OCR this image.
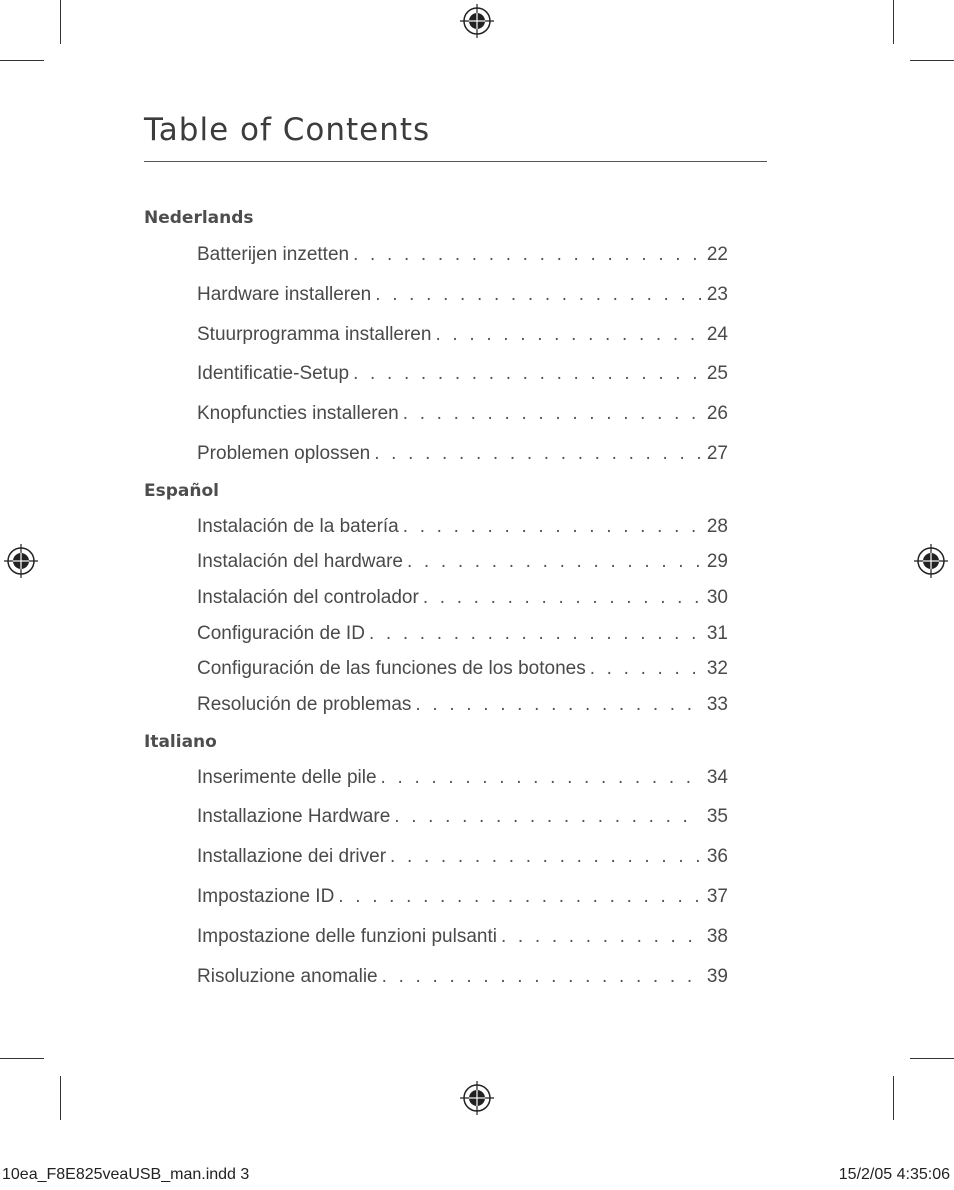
Table of Contents
Nederlands
Batterijen inzetten . . .	22
Hardware installeren . . .	23
Stuurprogramma installeren . . .	24
Identificatie-Setup . . .	25
Knopfuncties installeren . . .	26
Problemen oplossen . . .	27
Español
Instalación de la batería . . .	28
Instalación del hardware . . .	29
Instalación del controlador . . .	30
Configuración de ID . . .	31
Configuración de las funciones de los botones . . .	32
Resolución de problemas . . .	33
Italiano
Inserimente delle pile . . .	34
Installazione Hardware . . .	35
Installazione dei driver . . .	36
Impostazione ID . . .	37
Impostazione delle funzioni pulsanti . . .	38
Risoluzione anomalie . . .	39
10ea_F8E825veaUSB_man.indd 3	15/2/05 4:35:06
